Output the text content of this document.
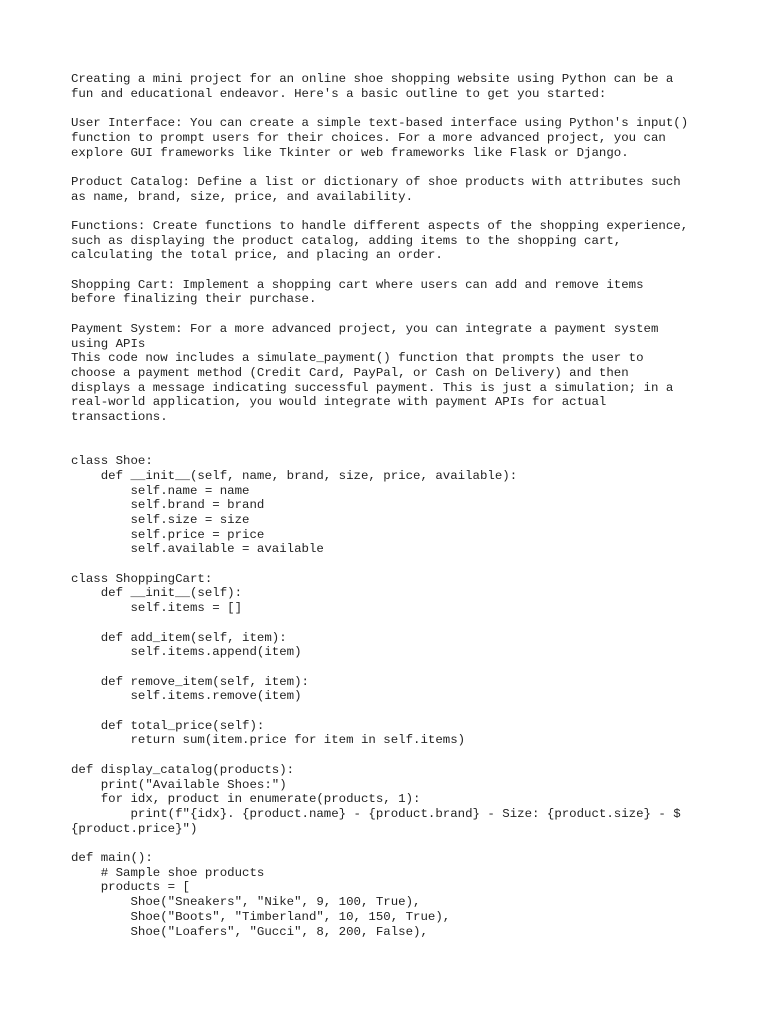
Creating a mini project for an online shoe shopping website using Python can be a
fun and educational endeavor. Here's a basic outline to get you started:
User Interface: You can create a simple text-based interface using Python's input()
function to prompt users for their choices. For a more advanced project, you can
explore GUI frameworks like Tkinter or web frameworks like Flask or Django.
Product Catalog: Define a list or dictionary of shoe products with attributes such
as name, brand, size, price, and availability.
Functions: Create functions to handle different aspects of the shopping experience,
such as displaying the product catalog, adding items to the shopping cart,
calculating the total price, and placing an order.
Shopping Cart: Implement a shopping cart where users can add and remove items
before finalizing their purchase.
Payment System: For a more advanced project, you can integrate a payment system
using APIs
This code now includes a simulate_payment() function that prompts the user to
choose a payment method (Credit Card, PayPal, or Cash on Delivery) and then
displays a message indicating successful payment. This is just a simulation; in a
real-world application, you would integrate with payment APIs for actual
transactions.
class Shoe:
def __init__(self, name, brand, size, price, available):
self.name = name
self.brand = brand
self.size = size
self.price = price
self.available = available
class ShoppingCart:
def __init__(self):
self.items = []
def add_item(self, item):
self.items.append(item)
def remove_item(self, item):
self.items.remove(item)
def total_price(self):
return sum(item.price for item in self.items)
def display_catalog(products):
print("Available Shoes:")
for idx, product in enumerate(products, 1):
print(f"{idx}. {product.name} - {product.brand} - Size: {product.size} - $
{product.price}")
def main():
# Sample shoe products
products = [
Shoe("Sneakers", "Nike", 9, 100, True),
Shoe("Boots", "Timberland", 10, 150, True),
Shoe("Loafers", "Gucci", 8, 200, False),
